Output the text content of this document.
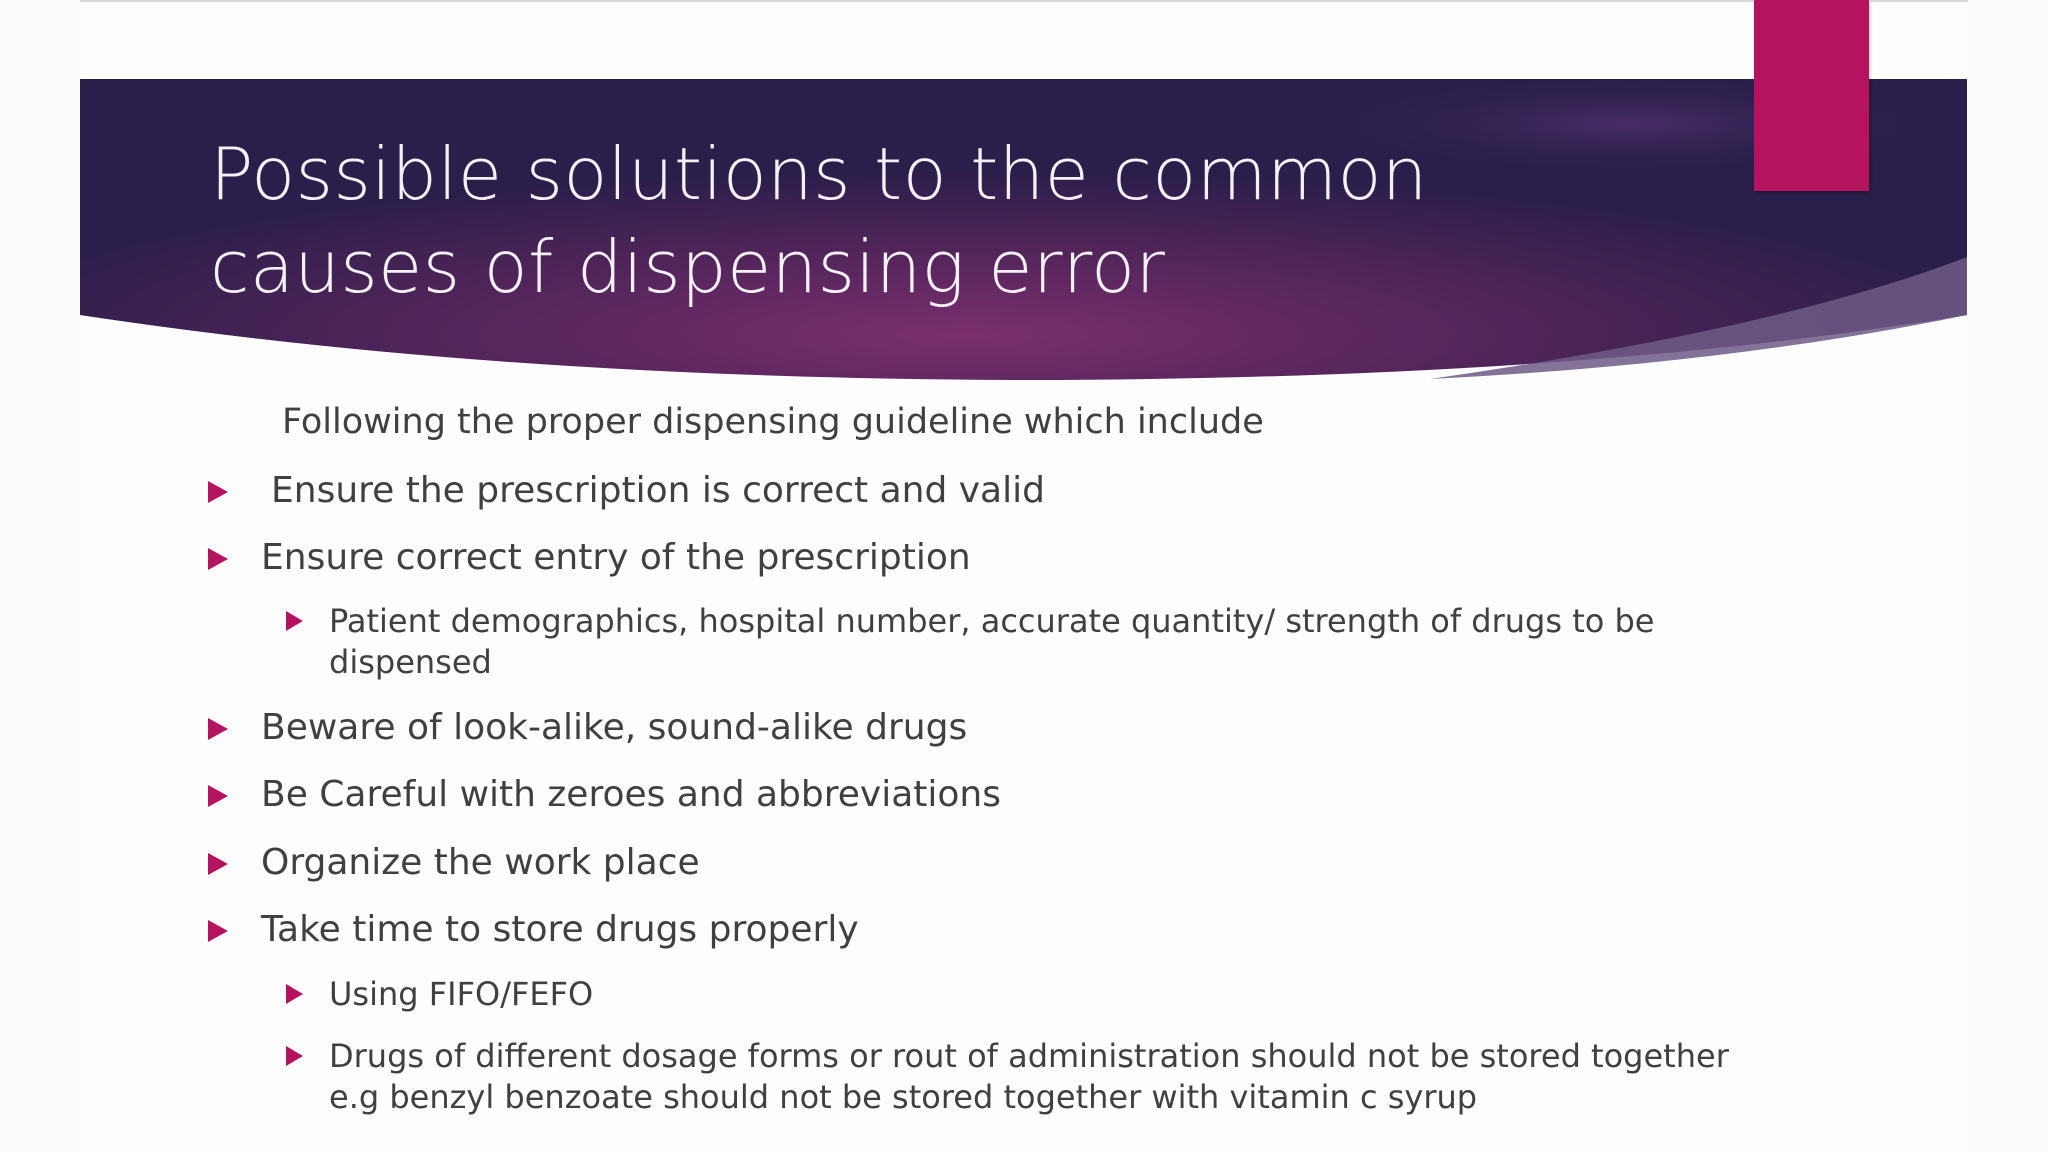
Possible solutions to the common causes of dispensing error
Following the proper dispensing guideline which include
Ensure the prescription is correct and valid
Ensure correct entry of the prescription
Patient demographics, hospital number, accurate quantity/ strength of drugs to be dispensed
Beware of look-alike, sound-alike drugs
Be Careful with zeroes and abbreviations
Organize the work place
Take time to store drugs properly
Using FIFO/FEFO
Drugs of different dosage forms or rout of administration should not be stored together e.g benzyl benzoate should not be stored together with vitamin c syrup
